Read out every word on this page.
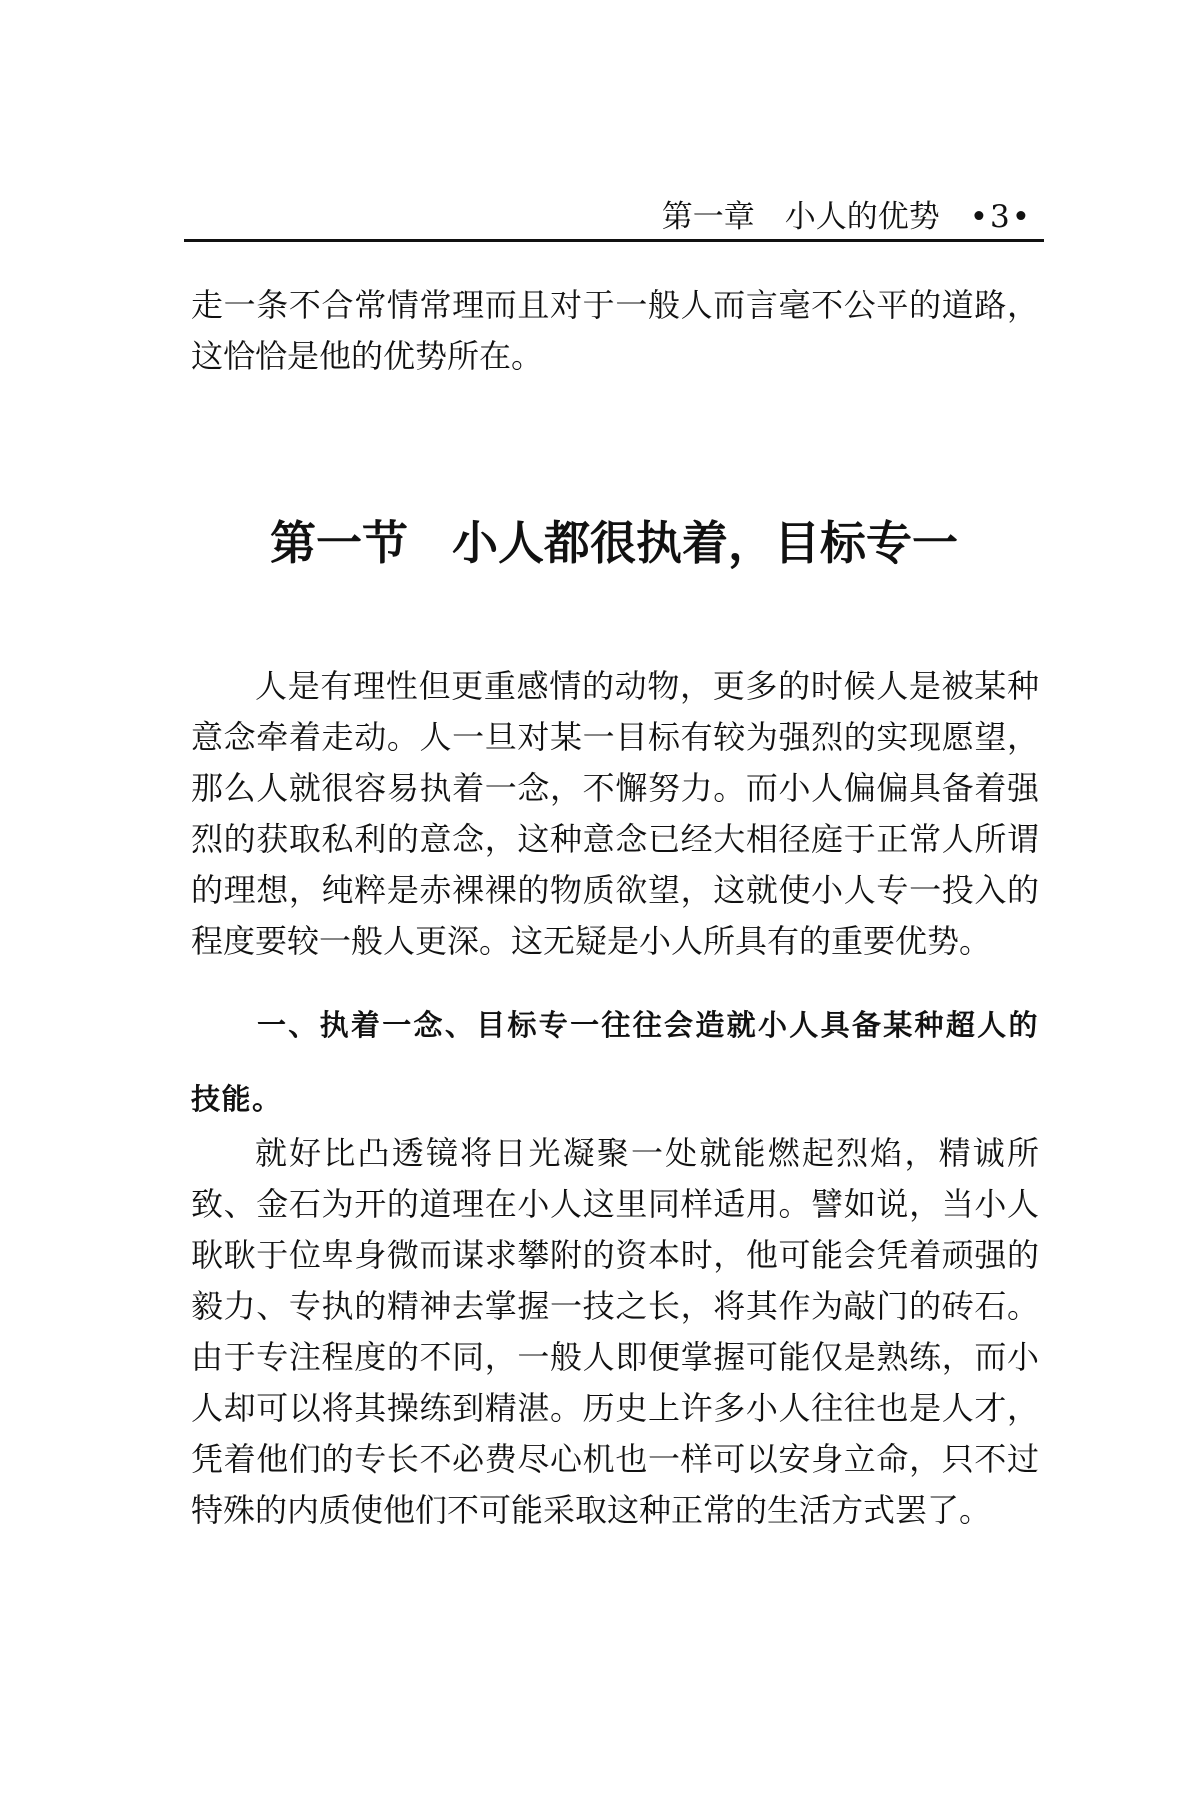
第一章 小人的优势 •3•

走一条不合常情常理而且对于一般人而言毫不公平的道路，这恰恰是他的优势所在。

第一节 小人都很执着，目标专一

人是有理性但更重感情的动物，更多的时候人是被某种意念牵着走动。人一旦对某一目标有较为强烈的实现愿望，那么人就很容易执着一念，不懈努力。而小人偏偏具备着强烈的获取私利的意念，这种意念已经大相径庭于正常人所谓的理想，纯粹是赤裸裸的物质欲望，这就使小人专一投入的程度要较一般人更深。这无疑是小人所具有的重要优势。

一、执着一念、目标专一往往会造就小人具备某种超人的技能。

就好比凸透镜将日光凝聚一处就能燃起烈焰，精诚所致、金石为开的道理在小人这里同样适用。譬如说，当小人耿耿于位卑身微而谋求攀附的资本时，他可能会凭着顽强的毅力、专执的精神去掌握一技之长，将其作为敲门的砖石。由于专注程度的不同，一般人即便掌握可能仅是熟练，而小人却可以将其操练到精湛。历史上许多小人往往也是人才，凭着他们的专长不必费尽心机也一样可以安身立命，只不过特殊的内质使他们不可能采取这种正常的生活方式罢了。
